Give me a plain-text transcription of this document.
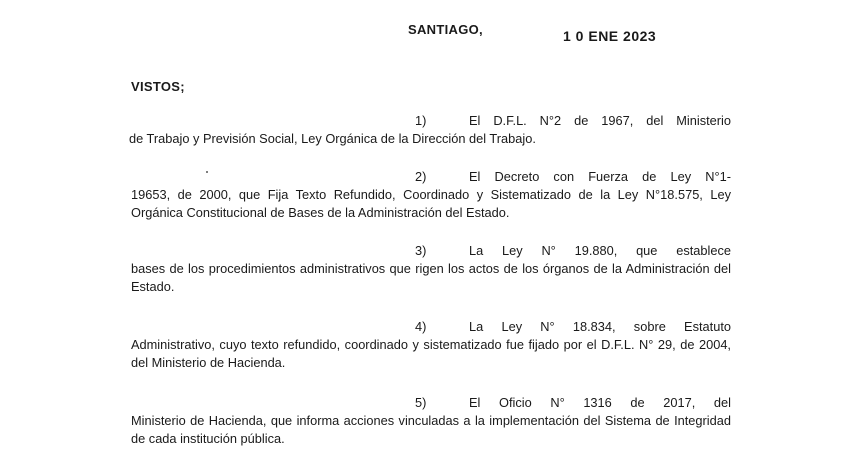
SANTIAGO,	1 0 ENE 2023
VISTOS;
1)	El D.F.L. N°2 de 1967, del Ministerio
de Trabajo y Previsión Social, Ley Orgánica de la Dirección del Trabajo.
2)	El Decreto con Fuerza de Ley N°1-
19653, de 2000, que Fija Texto Refundido, Coordinado y Sistematizado de la Ley N°18.575, Ley Orgánica Constitucional de Bases de la Administración del Estado.
3)	La Ley N° 19.880, que establece
bases de los procedimientos administrativos que rigen los actos de los órganos de la Administración del Estado.
4)	La Ley N° 18.834, sobre Estatuto
Administrativo, cuyo texto refundido, coordinado y sistematizado fue fijado por el D.F.L. N° 29, de 2004, del Ministerio de Hacienda.
5)	El Oficio N° 1316 de 2017, del
Ministerio de Hacienda, que informa acciones vinculadas a la implementación del Sistema de Integridad de cada institución pública.
